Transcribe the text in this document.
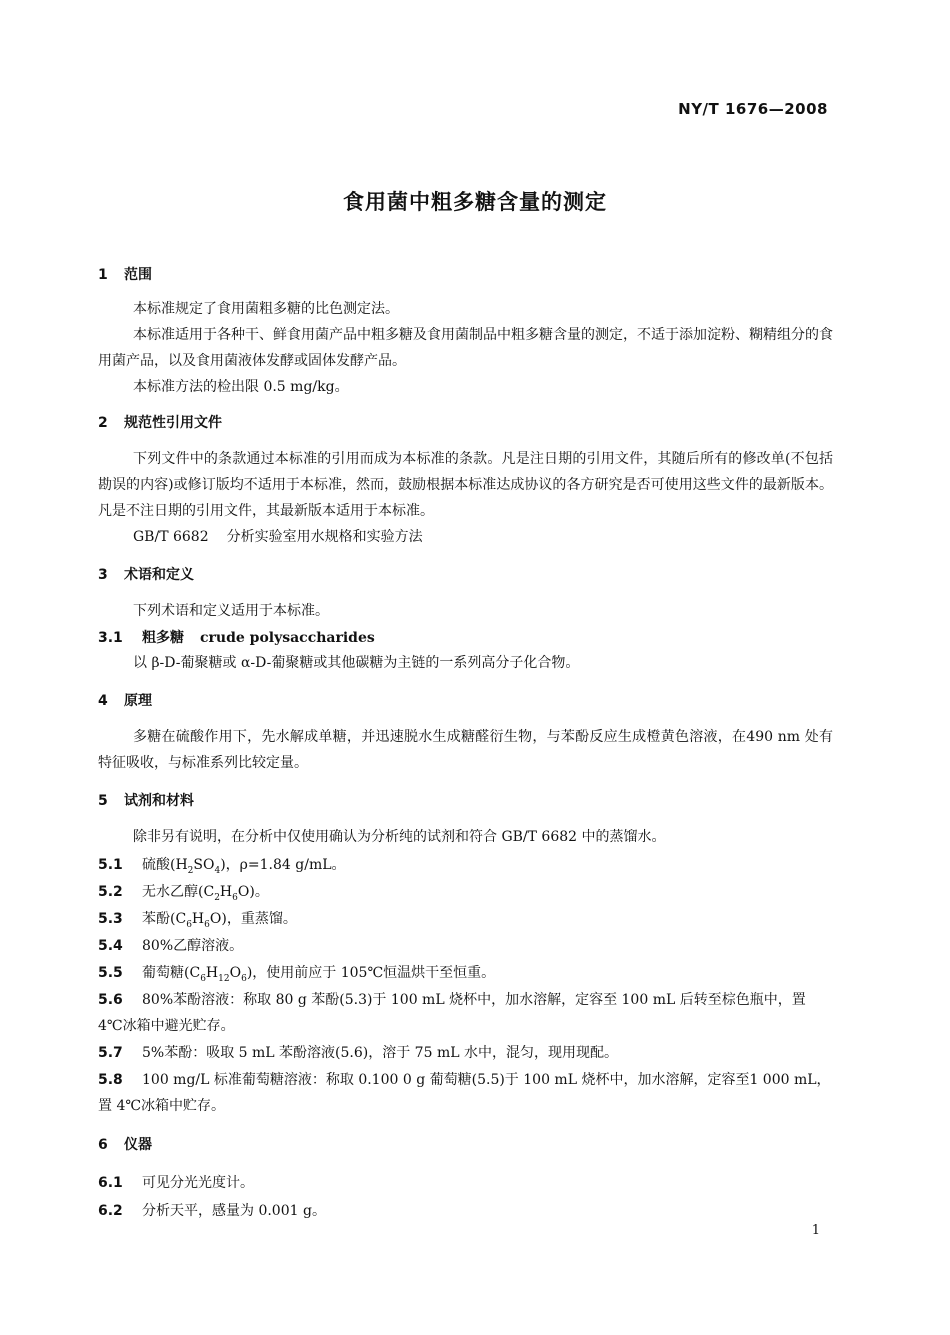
NY/T 1676—2008
食用菌中粗多糖含量的测定
1 范围
本标准规定了食用菌粗多糖的比色测定法。
本标准适用于各种干、鲜食用菌产品中粗多糖及食用菌制品中粗多糖含量的测定，不适于添加淀粉、糊精组分的食用菌产品，以及食用菌液体发酵或固体发酵产品。
本标准方法的检出限 0.5 mg/kg。
2 规范性引用文件
下列文件中的条款通过本标准的引用而成为本标准的条款。凡是注日期的引用文件，其随后所有的修改单(不包括勘误的内容)或修订版均不适用于本标准，然而，鼓励根据本标准达成协议的各方研究是否可使用这些文件的最新版本。凡是不注日期的引用文件，其最新版本适用于本标准。
GB/T 6682 分析实验室用水规格和实验方法
3 术语和定义
下列术语和定义适用于本标准。
3.1 粗多糖 crude polysaccharides
以 β-D-葡聚糖或 α-D-葡聚糖或其他碳糖为主链的一系列高分子化合物。
4 原理
多糖在硫酸作用下，先水解成单糖，并迅速脱水生成糖醛衍生物，与苯酚反应生成橙黄色溶液，在490 nm 处有特征吸收，与标准系列比较定量。
5 试剂和材料
除非另有说明，在分析中仅使用确认为分析纯的试剂和符合 GB/T 6682 中的蒸馏水。
5.1 硫酸$(H_2SO_4)$，ρ=1.84 g/mL。
5.2 无水乙醇$(C_2H_6O)$。
5.3 苯酚$(C_6H_6O)$，重蒸馏。
5.4 80%乙醇溶液。
5.5 葡萄糖$(C_6H_{12}O_6)$，使用前应于 105℃恒温烘干至恒重。
5.6 80%苯酚溶液：称取 80 g 苯酚(5.3)于 100 mL 烧杯中，加水溶解，定容至 100 mL 后转至棕色瓶中，置 4℃冰箱中避光贮存。
5.7 5%苯酚：吸取 5 mL 苯酚溶液(5.6)，溶于 75 mL 水中，混匀，现用现配。
5.8 100 mg/L 标准葡萄糖溶液：称取 0.100 0 g 葡萄糖(5.5)于 100 mL 烧杯中，加水溶解，定容至1 000 mL，置 4℃冰箱中贮存。
6 仪器
6.1 可见分光光度计。
6.2 分析天平，感量为 0.001 g。
1
